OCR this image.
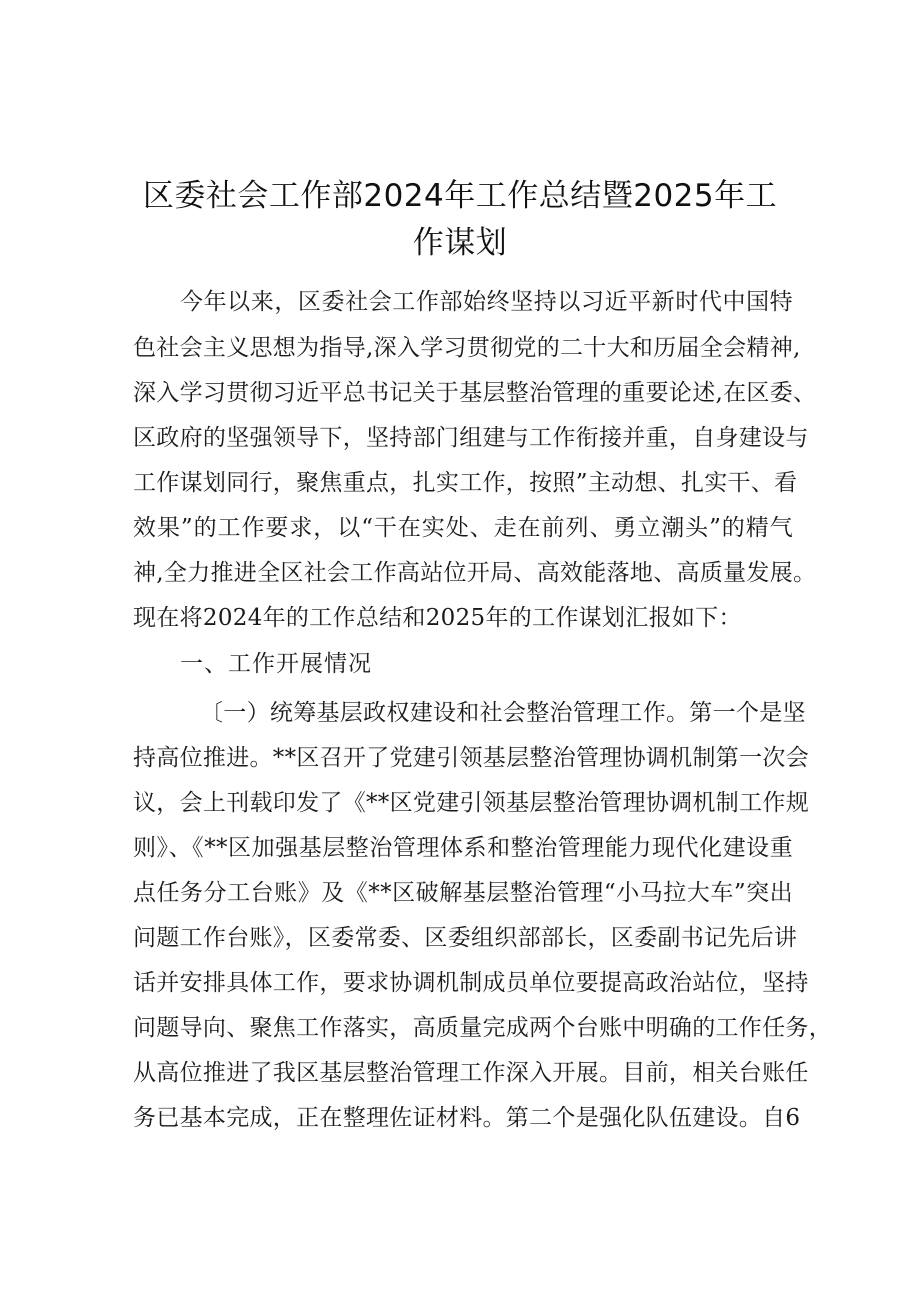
区委社会工作部2024年工作总结暨2025年工
作谋划
今年以来，区委社会工作部始终坚持以习近平新时代中国特
色社会主义思想为指导,深入学习贯彻党的二十大和历届全会精神,
深入学习贯彻习近平总书记关于基层整治管理的重要论述,在区委、
区政府的坚强领导下，坚持部门组建与工作衔接并重，自身建设与
工作谋划同行，聚焦重点，扎实工作，按照”主动想、扎实干、看
效果”的工作要求，以“干在实处、走在前列、勇立潮头”的精气
神,全力推进全区社会工作高站位开局、高效能落地、高质量发展。
现在将2024年的工作总结和2025年的工作谋划汇报如下：
一、工作开展情况
〔一）统筹基层政权建设和社会整治管理工作。第一个是坚
持高位推进。**区召开了党建引领基层整治管理协调机制第一次会
议，会上刊载印发了《**区党建引领基层整治管理协调机制工作规
则》、《**区加强基层整治管理体系和整治管理能力现代化建设重
点任务分工台账》及《**区破解基层整治管理“小马拉大车”突出
问题工作台账》，区委常委、区委组织部部长，区委副书记先后讲
话并安排具体工作，要求协调机制成员单位要提高政治站位，坚持
问题导向、聚焦工作落实，高质量完成两个台账中明确的工作任务，
从高位推进了我区基层整治管理工作深入开展。目前，相关台账任
务已基本完成，正在整理佐证材料。第二个是强化队伍建设。自6
